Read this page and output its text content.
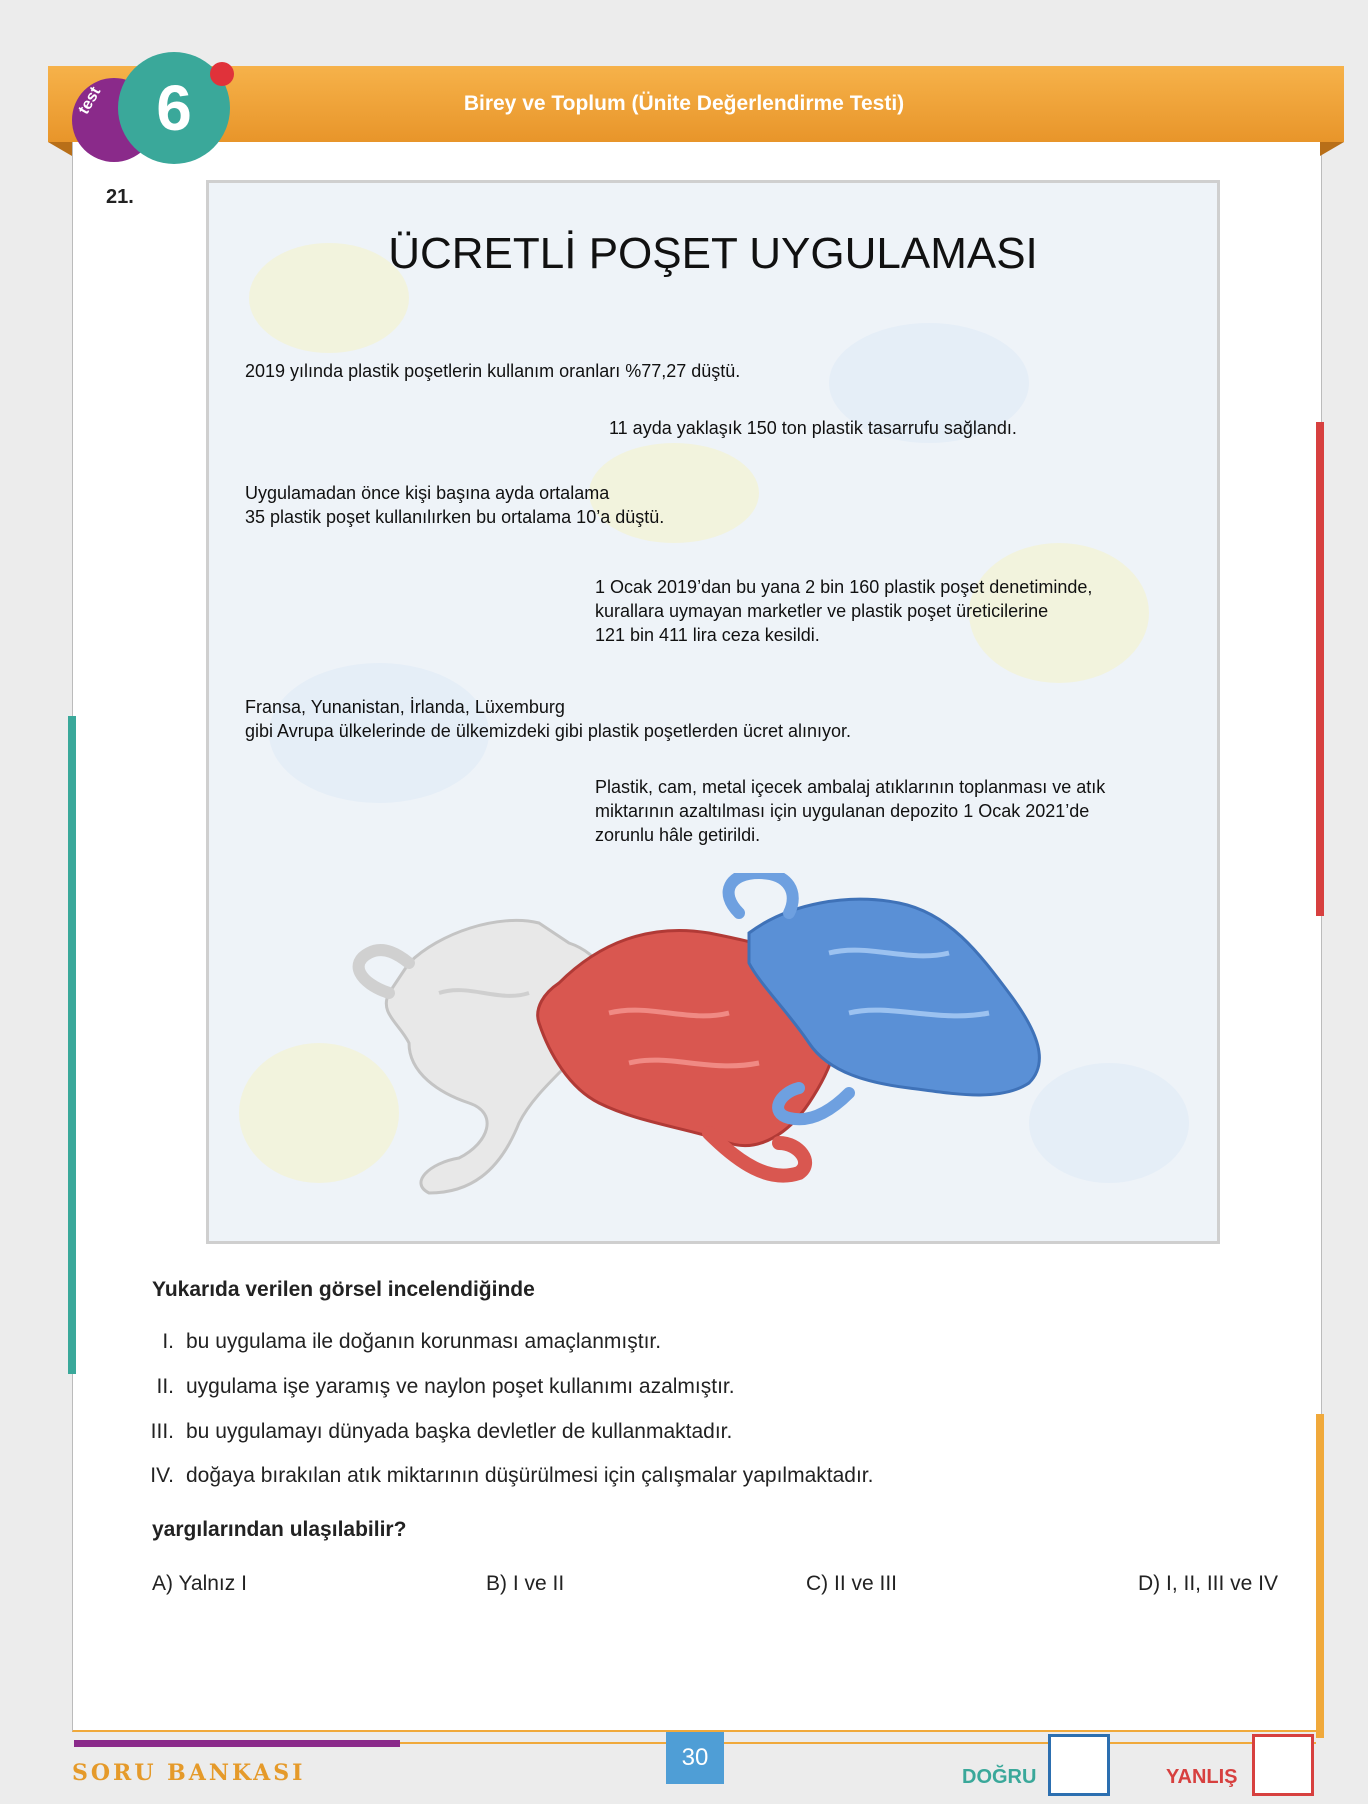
Birey ve Toplum (Ünite Değerlendirme Testi)
test 6
21.
ÜCRETLİ POŞET UYGULAMASI
2019 yılında plastik poşetlerin kullanım oranları %77,27 düştü.
11 ayda yaklaşık 150 ton plastik tasarrufu sağlandı.
Uygulamadan önce kişi başına ayda ortalama
35 plastik poşet kullanılırken bu ortalama 10’a düştü.
1 Ocak 2019’dan bu yana 2 bin 160 plastik poşet denetiminde,
kurallara uymayan marketler ve plastik poşet üreticilerine
121 bin 411 lira ceza kesildi.
Fransa, Yunanistan, İrlanda, Lüxemburg
gibi Avrupa ülkelerinde de ülkemizdeki gibi plastik poşetlerden ücret alınıyor.
Plastik, cam, metal içecek ambalaj atıklarının toplanması ve atık
miktarının azaltılması için uygulanan depozito 1 Ocak 2021’de
zorunlu hâle getirildi.
Yukarıda verilen görsel incelendiğinde
I. bu uygulama ile doğanın korunması amaçlanmıştır.
II. uygulama işe yaramış ve naylon poşet kullanımı azalmıştır.
III. bu uygulamayı dünyada başka devletler de kullanmaktadır.
IV. doğaya bırakılan atık miktarının düşürülmesi için çalışmalar yapılmaktadır.
yargılarından ulaşılabilir?
A) Yalnız I	B) I ve II	C) II ve III	D) I, II, III ve IV
SORU BANKASI
30
DOĞRU	YANLIŞ
